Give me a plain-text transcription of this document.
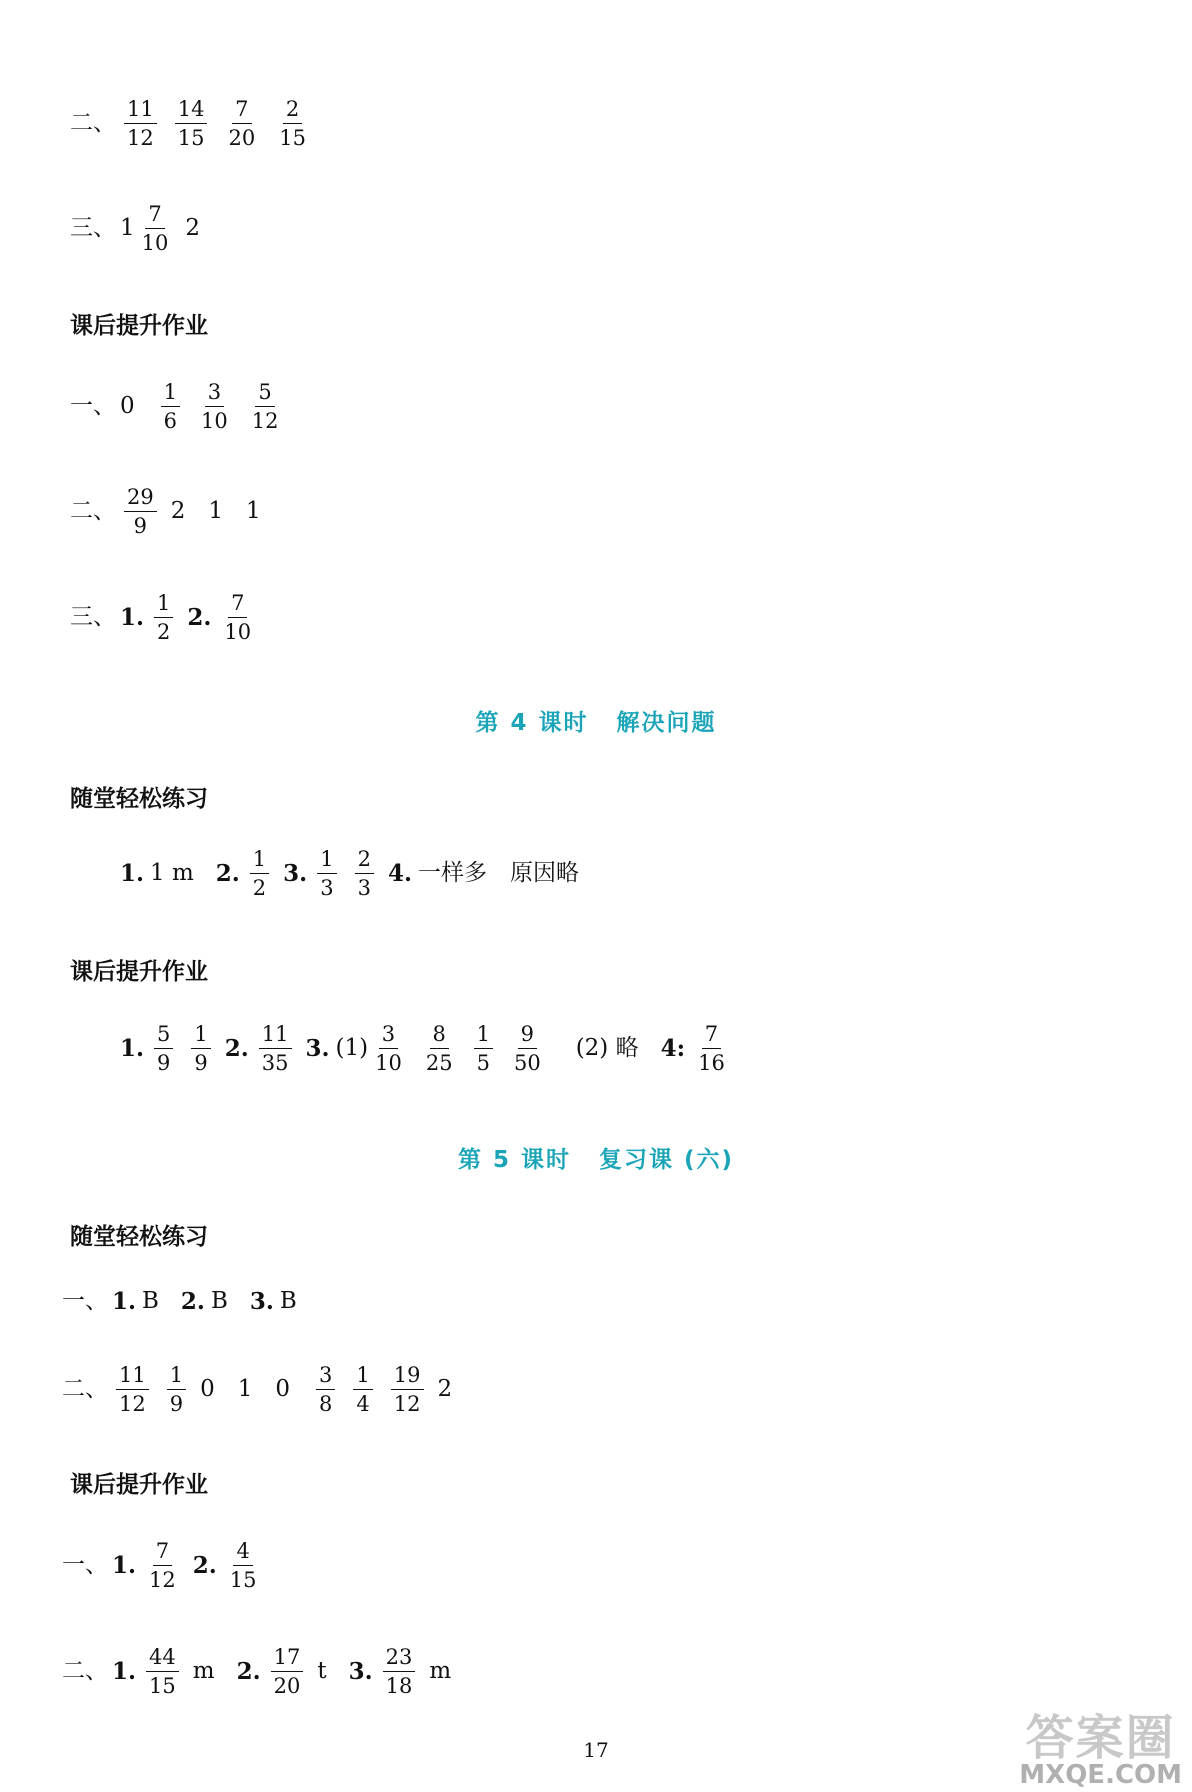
二、 $\frac{11}{12} \frac{14}{15} \frac{7}{20} \frac{2}{15}$
三、 $1 \frac{7}{10} 2$
课后提升作业
一、 $0 \frac{1}{6} \frac{3}{10} \frac{5}{12}$
二、 $\frac{29}{9} 2$　1　1
三、 1. $\frac{1}{2} 2$. $\frac{7}{10}$
第 4 课时 解决问题
随堂轻松练习
1. 1 m 2. $\frac{1}{2} 3$. $\frac{1}{3} \frac{2}{3} 4$. 一样多　原因略
课后提升作业
1. $\frac{5}{9} \frac{1}{9} 2$. $\frac{11}{35} 3$. $(1) \frac{3}{10} \frac{8}{25} \frac{1}{5} \frac{9}{50} (2)$ 略 4: $\frac{7}{16}$
第 5 课时 复习课 (六)
随堂轻松练习
一、 1. B 2. B 3. B
二、 $\frac{11}{12} \frac{1}{9} 0$　1　$0 \frac{3}{8} \frac{1}{4} \frac{19}{12} 2$
课后提升作业
一、 1. $\frac{7}{12} 2$. $\frac{4}{15}$
二、 1. $\frac{44}{15}$ m 2. $\frac{17}{20}$ t 3. $\frac{23}{18}$ m
17	答案圈
MXQE.COM
